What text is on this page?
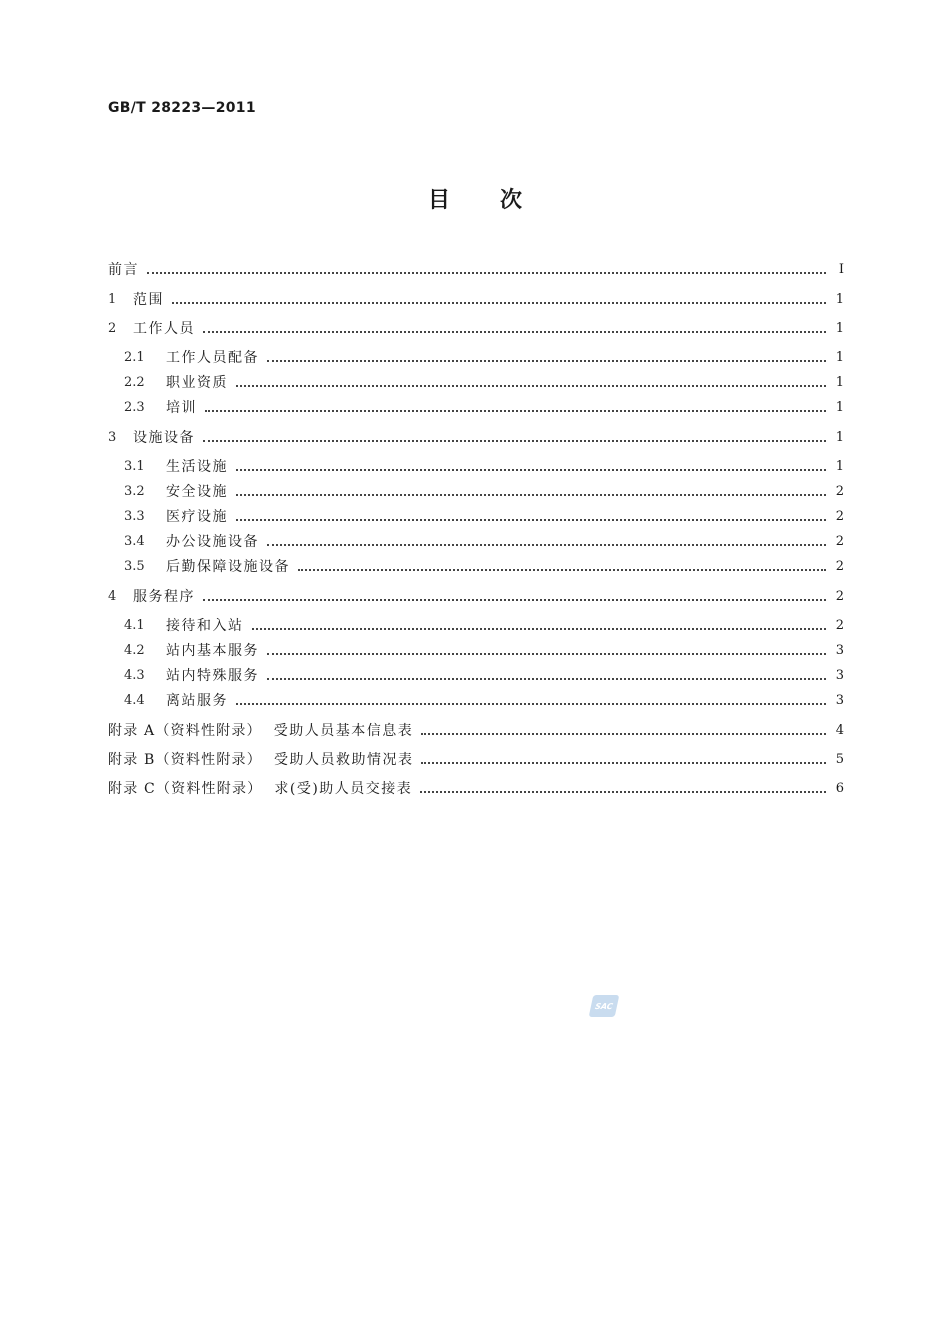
GB/T 28223—2011
目 次
前言	Ⅰ
1	范围	1
2	工作人员	1
2.1	工作人员配备	1
2.2	职业资质	1
2.3	培训	1
3	设施设备	1
3.1	生活设施	1
3.2	安全设施	2
3.3	医疗设施	2
3.4	办公设施设备	2
3.5	后勤保障设施设备	2
4	服务程序	2
4.1	接待和入站	2
4.2	站内基本服务	3
4.3	站内特殊服务	3
4.4	离站服务	3
附录 A（资料性附录） 受助人员基本信息表	4
附录 B（资料性附录） 受助人员救助情况表	5
附录 C（资料性附录） 求(受)助人员交接表	6
SAC
